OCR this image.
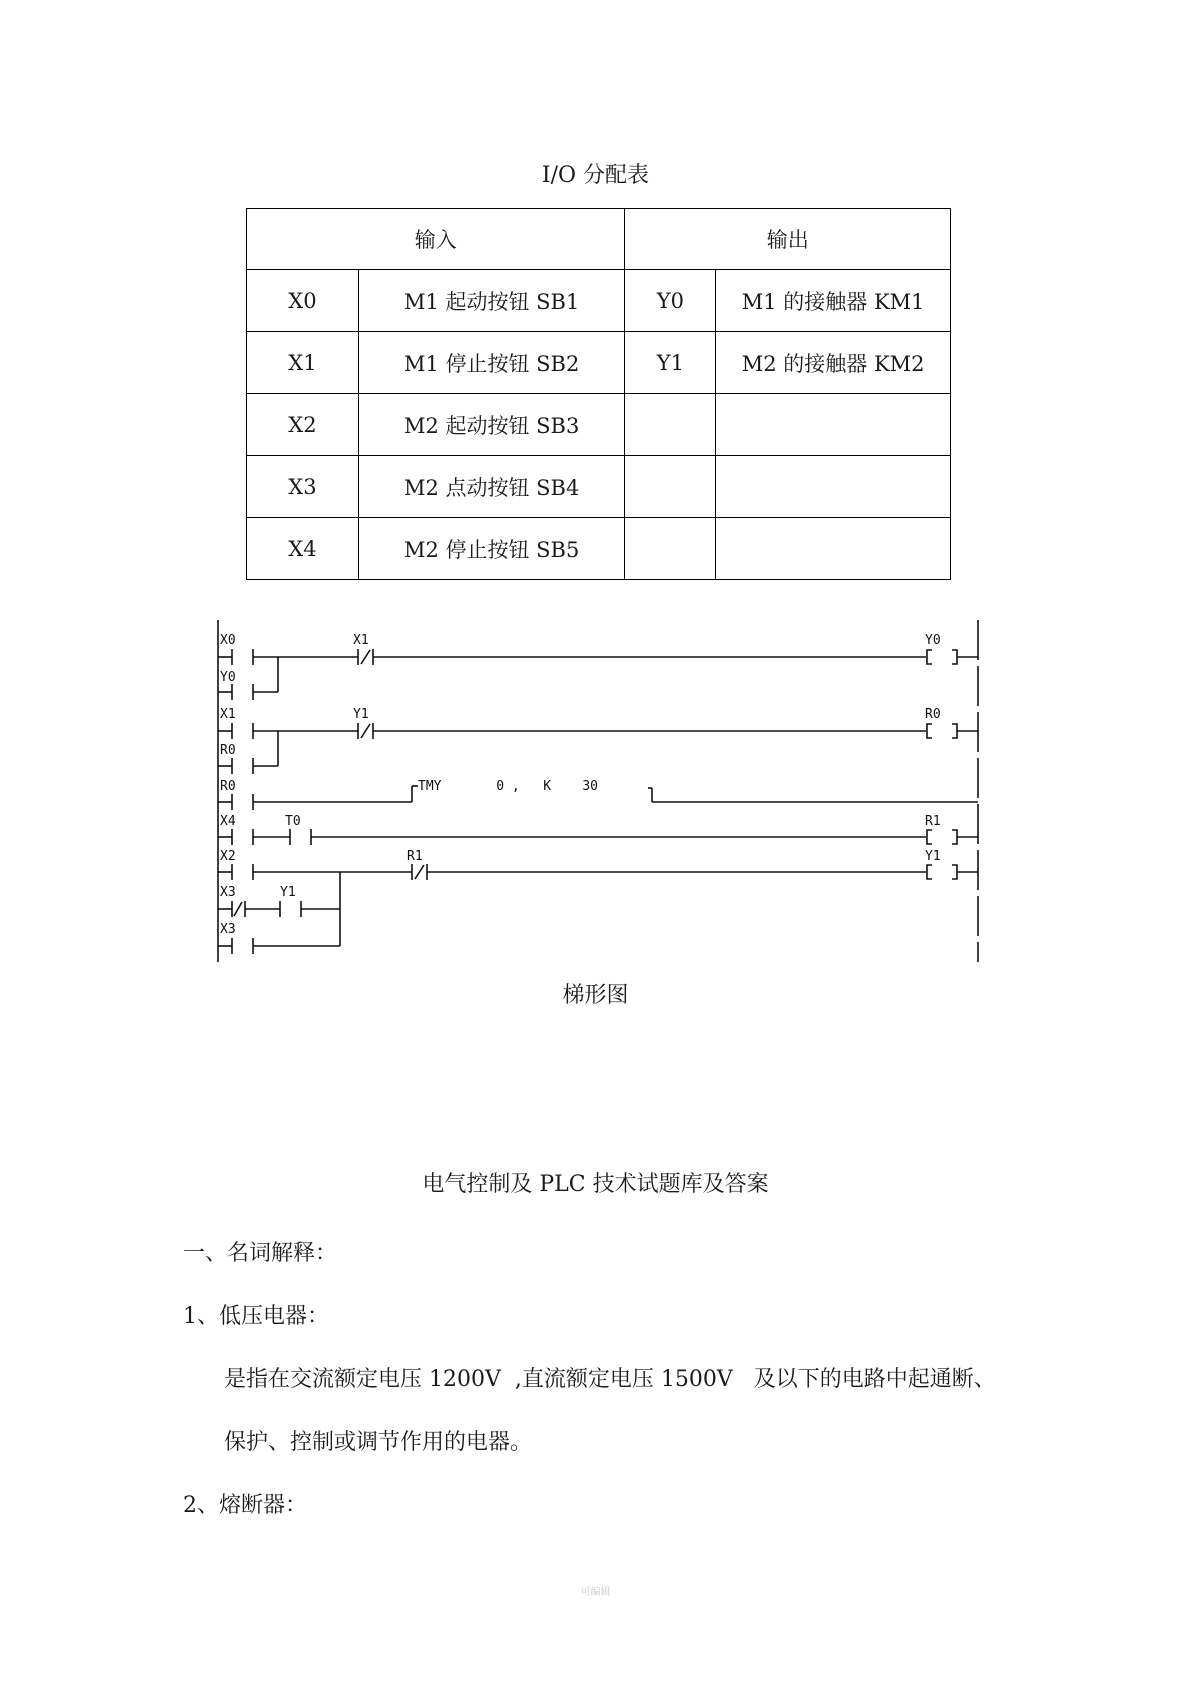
I/O 分配表
输入		输出	
X0	M1 起动按钮 SB1	Y0	M1 的接触器 KM1
X1	M1 停止按钮 SB2	Y1	M2 的接触器 KM2
X2	M2 起动按钮 SB3		
X3	M2 点动按钮 SB4		
X4	M2 停止按钮 SB5		
X0
Y0
X1
R0
R0
X4
X2
X3
X3
X1
Y1
T0
R1
Y1
Y0
R0
R1
Y1
TMY       0 ,   K    30
梯形图
电气控制及 PLC 技术试题库及答案
一、名词解释：
1、低压电器：
是指在交流额定电压 1200V  ,直流额定电压 1500V   及以下的电路中起通断、
保护、控制或调节作用的电器。
2、熔断器：
可编辑
